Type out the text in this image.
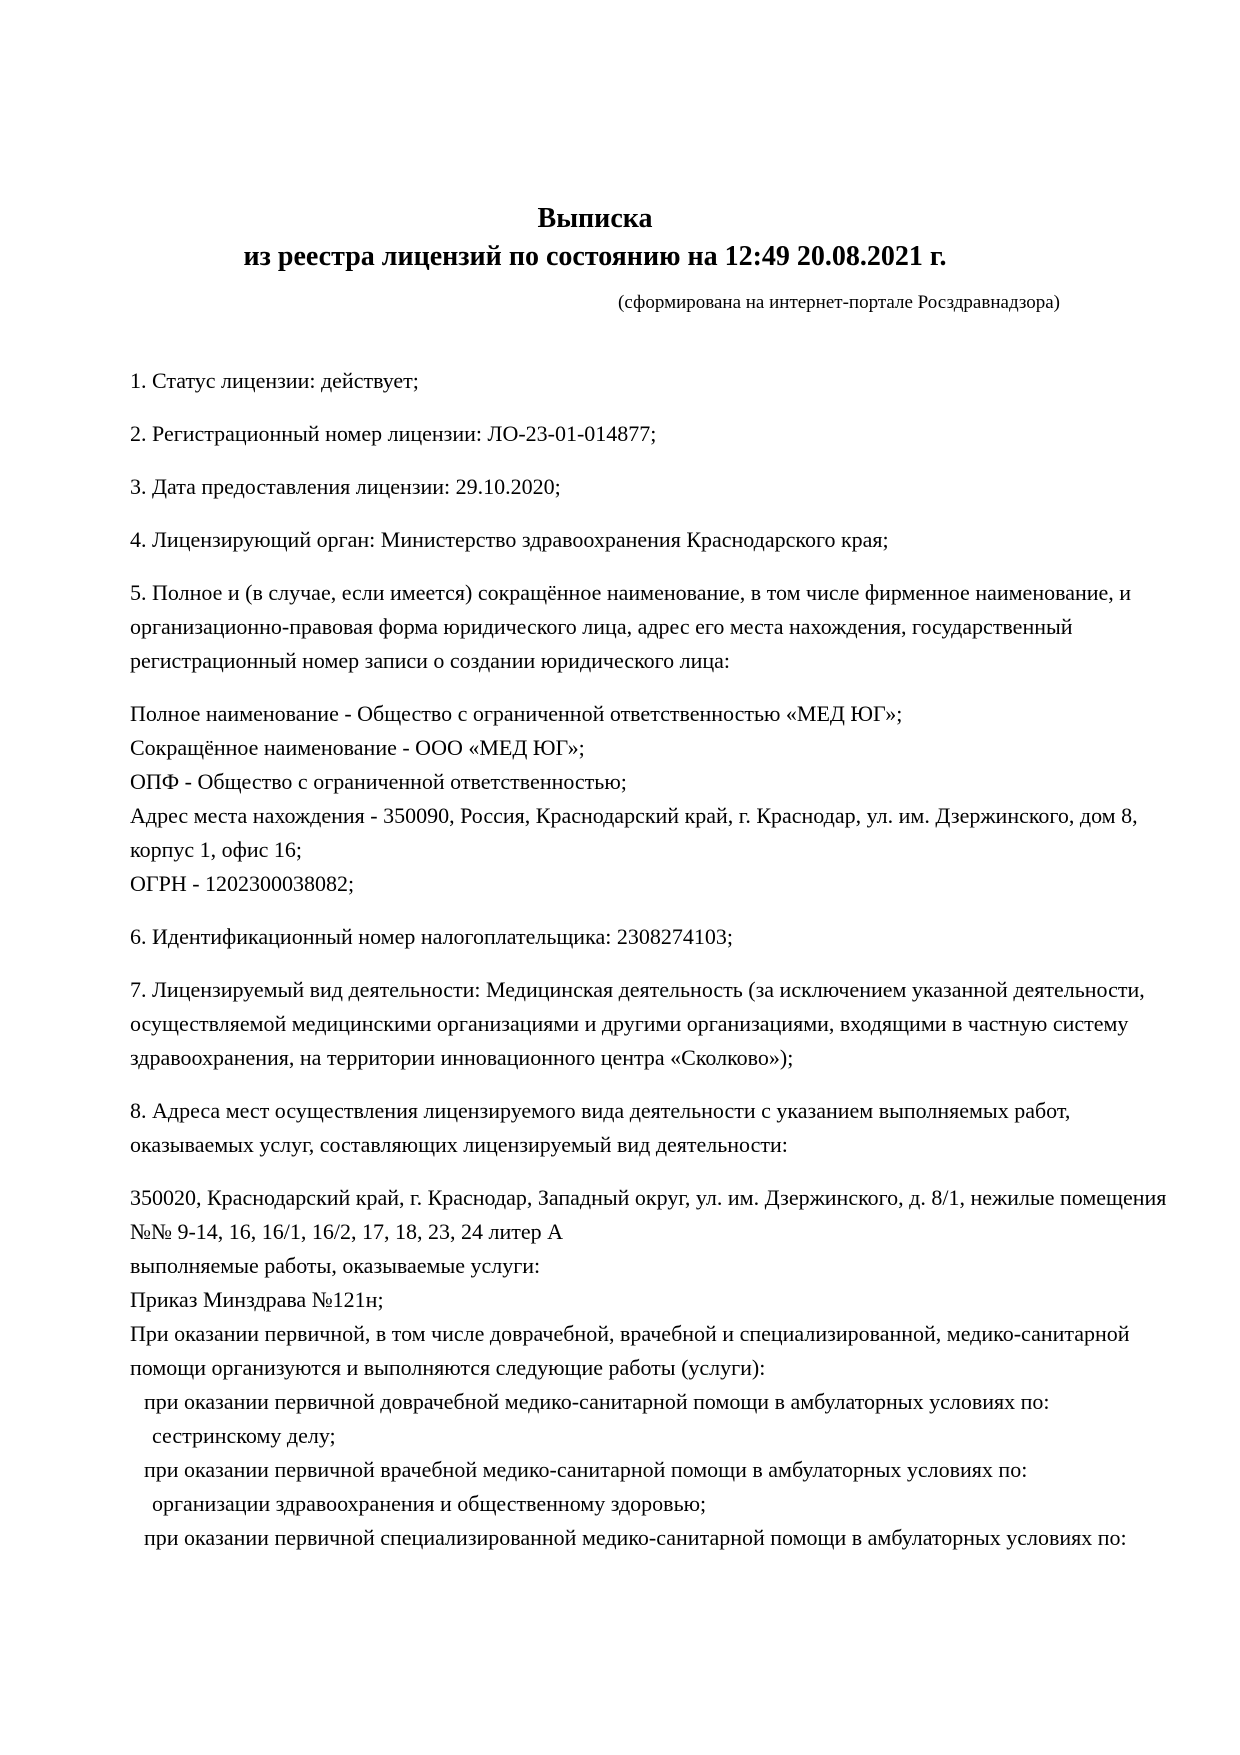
Выписка
из реестра лицензий по состоянию на 12:49 20.08.2021 г.
(сформирована на интернет-портале Росздравнадзора)

1. Статус лицензии: действует;

2. Регистрационный номер лицензии: ЛО-23-01-014877;

3. Дата предоставления лицензии: 29.10.2020;

4. Лицензирующий орган: Министерство здравоохранения Краснодарского края;

5. Полное и (в случае, если имеется) сокращённое наименование, в том числе фирменное наименование, и организационно-правовая форма юридического лица, адрес его места нахождения, государственный регистрационный номер записи о создании юридического лица:

Полное наименование - Общество с ограниченной ответственностью «МЕД ЮГ»;

Сокращённое наименование - ООО «МЕД ЮГ»;

ОПФ - Общество с ограниченной ответственностью;

Адрес места нахождения - 350090, Россия, Краснодарский край, г. Краснодар, ул. им. Дзержинского, дом 8, корпус 1, офис 16;

ОГРН - 1202300038082;

6. Идентификационный номер налогоплательщика: 2308274103;

7. Лицензируемый вид деятельности: Медицинская деятельность (за исключением указанной деятельности, осуществляемой медицинскими организациями и другими организациями, входящими в частную систему здравоохранения, на территории инновационного центра «Сколково»);

8. Адреса мест осуществления лицензируемого вида деятельности с указанием выполняемых работ, оказываемых услуг, составляющих лицензируемый вид деятельности:

350020, Краснодарский край, г. Краснодар, Западный округ, ул. им. Дзержинского, д. 8/1, нежилые помещения №№ 9-14, 16, 16/1, 16/2, 17, 18, 23, 24 литер А

выполняемые работы, оказываемые услуги:

Приказ Минздрава №121н;

При оказании первичной, в том числе доврачебной, врачебной и специализированной, медико-санитарной помощи организуются и выполняются следующие работы (услуги):

при оказании первичной доврачебной медико-санитарной помощи в амбулаторных условиях по:

сестринскому делу;

при оказании первичной врачебной медико-санитарной помощи в амбулаторных условиях по:

организации здравоохранения и общественному здоровью;

при оказании первичной специализированной медико-санитарной помощи в амбулаторных условиях по:
